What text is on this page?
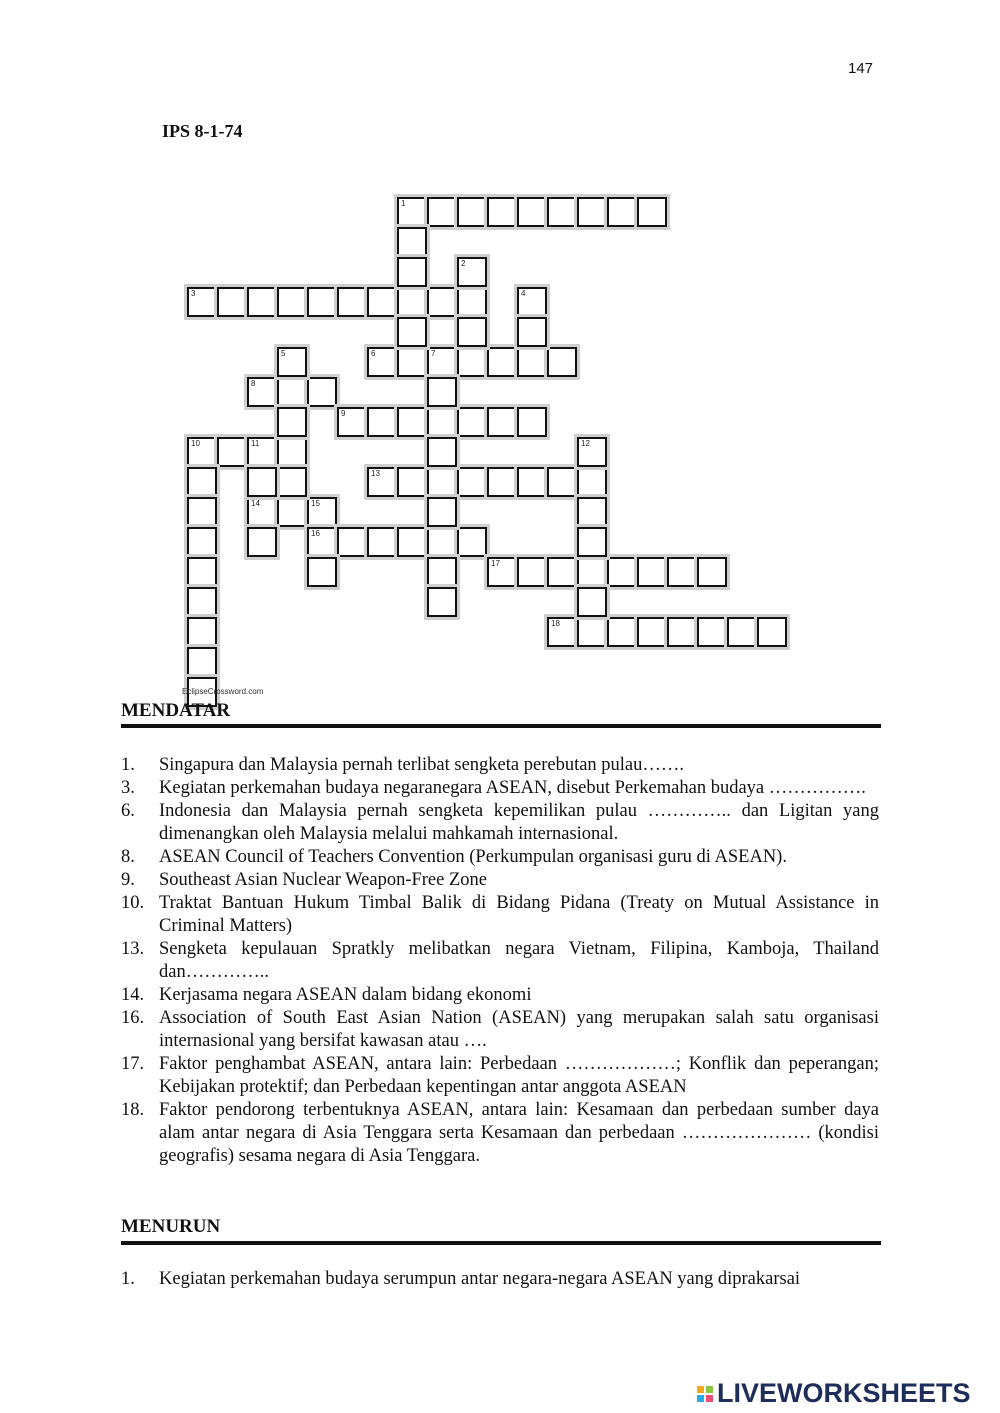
147
IPS 8-1-74
1
3
6	7
8
9
10	11
13
14	15
16
17
18
2
4
5
12
EclipseCrossword.com
MENDATAR
1.	Singapura dan Malaysia pernah terlibat sengketa perebutan pulau…….
3.	Kegiatan perkemahan budaya negaranegara ASEAN, disebut Perkemahan budaya …………….
6.	Indonesia dan Malaysia pernah sengketa kepemilikan pulau ………….. dan Ligitan yang dimenangkan oleh Malaysia melalui mahkamah internasional.
8.	ASEAN Council of Teachers Convention (Perkumpulan organisasi guru di ASEAN).
9.	Southeast Asian Nuclear Weapon-Free Zone
10. Traktat Bantuan Hukum Timbal Balik di Bidang Pidana (Treaty on Mutual Assistance in Criminal Matters)
13. Sengketa kepulauan Spratkly melibatkan negara Vietnam, Filipina, Kamboja, Thailand dan…………..
14. Kerjasama negara ASEAN dalam bidang ekonomi
16. Association of South East Asian Nation (ASEAN) yang merupakan salah satu organisasi internasional yang bersifat kawasan atau ….
17. Faktor penghambat ASEAN, antara lain: Perbedaan ………………; Konflik dan peperangan; Kebijakan protektif; dan Perbedaan kepentingan antar anggota ASEAN
18. Faktor pendorong terbentuknya ASEAN, antara lain: Kesamaan dan perbedaan sumber daya alam antar negara di Asia Tenggara serta Kesamaan dan perbedaan ………………… (kondisi geografis) sesama negara di Asia Tenggara.
MENURUN
1.	Kegiatan perkemahan budaya serumpun antar negara-negara ASEAN yang diprakarsai
LIVEWORKSHEETS
